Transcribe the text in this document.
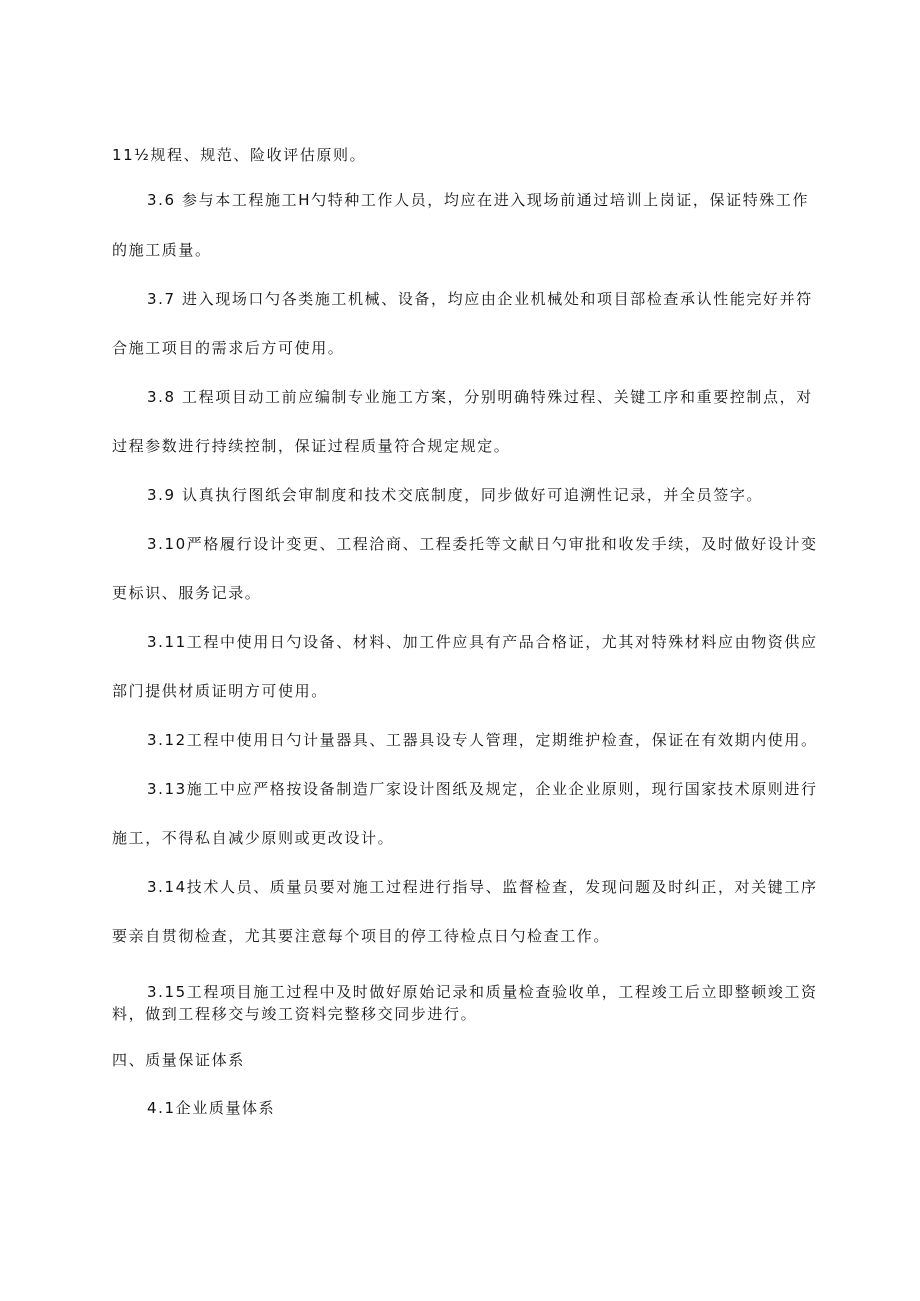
11½规程、规范、险收评估原则。
3.6 参与本工程施工H勺特种工作人员，均应在进入现场前通过培训上岗证，保证特殊工作
的施工质量。
3.7 进入现场口勺各类施工机械、设备，均应由企业机械处和项目部检查承认性能完好并符
合施工项目的需求后方可使用。
3.8 工程项目动工前应编制专业施工方案，分别明确特殊过程、关键工序和重要控制点，对
过程参数进行持续控制，保证过程质量符合规定规定。
3.9 认真执行图纸会审制度和技术交底制度，同步做好可追溯性记录，并全员签字。
3.10严格履行设计变更、工程洽商、工程委托等文献日勺审批和收发手续，及时做好设计变
更标识、服务记录。
3.11工程中使用日勺设备、材料、加工件应具有产品合格证，尤其对特殊材料应由物资供应
部门提供材质证明方可使用。
3.12工程中使用日勺计量器具、工器具设专人管理，定期维护检查，保证在有效期内使用。
3.13施工中应严格按设备制造厂家设计图纸及规定，企业企业原则，现行国家技术原则进行
施工，不得私自减少原则或更改设计。
3.14技术人员、质量员要对施工过程进行指导、监督检查，发现问题及时纠正，对关键工序
要亲自贯彻检查，尤其要注意每个项目的停工待检点日勺检查工作。
3.15工程项目施工过程中及时做好原始记录和质量检查验收单，工程竣工后立即整顿竣工资
料，做到工程移交与竣工资料完整移交同步进行。
四、质量保证体系
4.1企业质量体系
